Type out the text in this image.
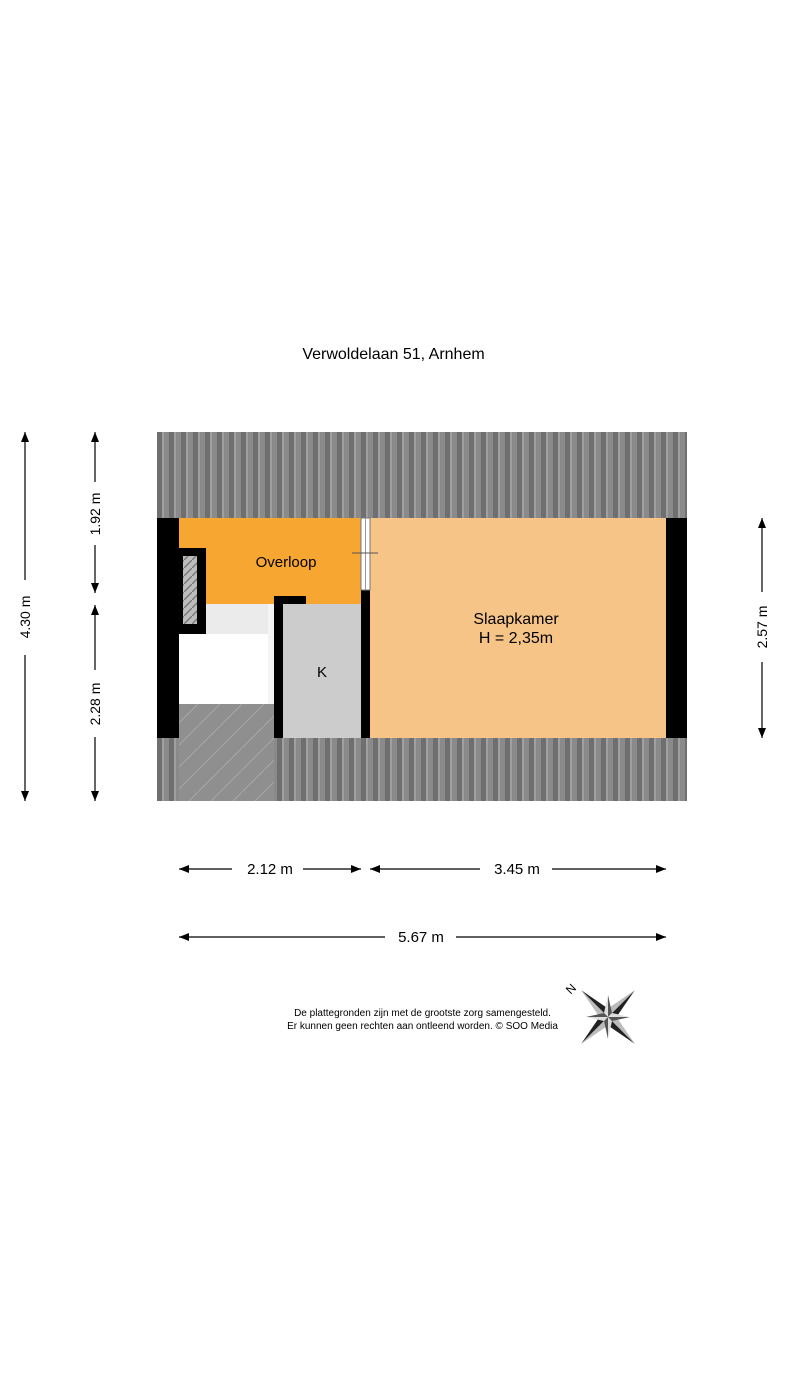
Verwoldelaan 51, Arnhem
Overloop
Slaapkamer
H = 2,35m
K
4.30 m
1.92 m
2.28 m
2.57 m
2.12 m	3.45 m
5.67 m
N
De plattegronden zijn met de grootste zorg samengesteld.
Er kunnen geen rechten aan ontleend worden. © SOO Media
